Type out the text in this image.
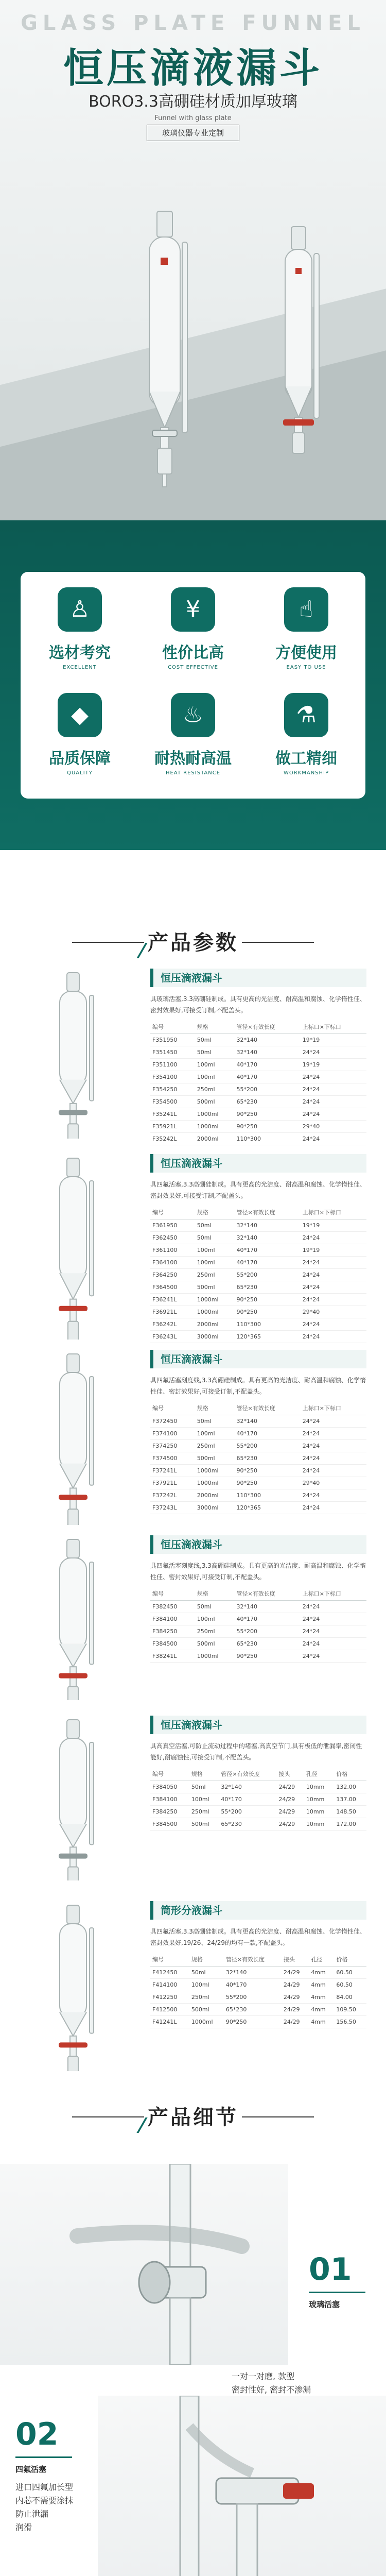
GLASS PLATE FUNNEL
恒压滴液漏斗
BORO3.3高硼硅材质加厚玻璃
Funnel with glass plate
玻璃仪器专业定制
♙
选材考究
EXCELLENT
¥
性价比高
COST EFFECTIVE
☝
方便使用
EASY TO USE
◆
品质保障
QUALITY
♨
耐热耐高温
HEAT RESISTANCE
⚗
做工精细
WORKMANSHIP
产品参数
恒压滴液漏斗
具玻璃活塞,3.3高硼硅制成。具有更高的光洁度、耐高温和腐蚀、化学惰性佳、密封效果好,可接受订制,不配盖头。
编号	规格	管径×有效长度	上标口×下标口
F351950	50ml	32*140	19*19
F351450	50ml	32*140	24*24
F351100	100ml	40*170	19*19
F354100	100ml	40*170	24*24
F354250	250ml	55*200	24*24
F354500	500ml	65*230	24*24
F35241L	1000ml	90*250	24*24
F35921L	1000ml	90*250	29*40
F35242L	2000ml	110*300	24*24
恒压滴液漏斗
具四氟活塞,3.3高硼硅制成。具有更高的光洁度、耐高温和腐蚀、化学惰性佳、密封效果好,可接受订制,不配盖头。
编号	规格	管径×有效长度	上标口×下标口
F361950	50ml	32*140	19*19
F362450	50ml	32*140	24*24
F361100	100ml	40*170	19*19
F364100	100ml	40*170	24*24
F364250	250ml	55*200	24*24
F364500	500ml	65*230	24*24
F36241L	1000ml	90*250	24*24
F36921L	1000ml	90*250	29*40
F36242L	2000ml	110*300	24*24
F36243L	3000ml	120*365	24*24
恒压滴液漏斗
具四氟活塞刻度线,3.3高硼硅制成。具有更高的光洁度、耐高温和腐蚀、化学惰性佳、密封效果好,可接受订制,不配盖头。
编号	规格	管径×有效长度	上标口×下标口
F372450	50ml	32*140	24*24
F374100	100ml	40*170	24*24
F374250	250ml	55*200	24*24
F374500	500ml	65*230	24*24
F37241L	1000ml	90*250	24*24
F37921L	1000ml	90*250	29*40
F37242L	2000ml	110*300	24*24
F37243L	3000ml	120*365	24*24
恒压滴液漏斗
具四氟活塞刻度线,3.3高硼硅制成。具有更高的光洁度、耐高温和腐蚀、化学惰性佳、密封效果好,可接受订制,不配盖头。
编号	规格	管径×有效长度	上标口×下标口
F382450	50ml	32*140	24*24
F384100	100ml	40*170	24*24
F384250	250ml	55*200	24*24
F384500	500ml	65*230	24*24
F38241L	1000ml	90*250	24*24
恒压滴液漏斗
具高真空活塞,可防止流动过程中的堵塞,高真空节门,具有极低的泄漏率,密闭性能好,耐腐蚀性,可接受订制,不配盖头。
编号	规格	管径×有效长度	接头	孔径	价格
F384050	50ml	32*140	24/29	10mm	132.00
F384100	100ml	40*170	24/29	10mm	137.00
F384250	250ml	55*200	24/29	10mm	148.50
F384500	500ml	65*230	24/29	10mm	172.00
筒形分液漏斗
具四氟活塞,3.3高硼硅制成。具有更高的光洁度、耐高温和腐蚀、化学惰性佳、密封效果好,19/26、24/29的均有一款,不配盖头。
编号	规格	管径×有效长度	接头	孔径	价格
F412450	50ml	32*140	24/29	4mm	60.50
F414100	100ml	40*170	24/29	4mm	60.50
F412250	250ml	55*200	24/29	4mm	84.00
F412500	500ml	65*230	24/29	4mm	109.50
F41241L	1000ml	90*250	24/29	4mm	156.50
产品细节
01
玻璃活塞
一对一对磨, 款型
密封性好, 密封不渗漏
02
四氟活塞
进口四氟加长型
内芯不需要涂抹
防止泄漏
润滑
